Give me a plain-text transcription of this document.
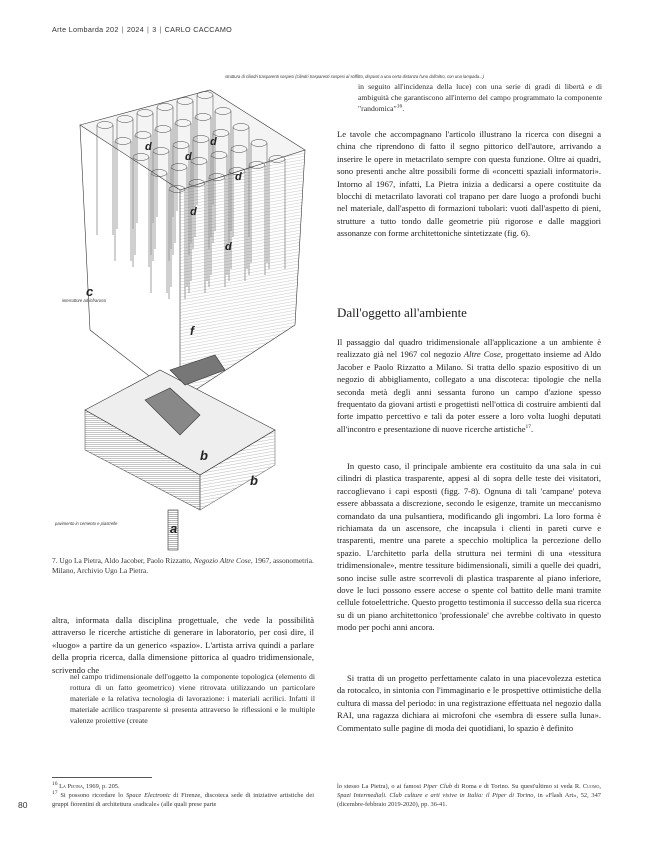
Arte Lombarda 202 | 2024 | 3 | CARLO CACCAMO
c
f
d
d
d
d
d
d
b
b
a
struttura di cilindri trasparenti sospesi (cilindri trasparenti sospesi al soffitto, disposti a una certa distanza l'uno dall'altro, con una lampada...)
interruttore ad infrarossi
pavimento in cemento e piastrelle
7. Ugo La Pietra, Aldo Jacober, Paolo Rizzatto, Negozio Altre Cose, 1967, assonometria. Milano, Archivio Ugo La Pietra.
altra, informata dalla disciplina progettuale, che vede la possibilità attraverso le ricerche artistiche di generare in laboratorio, per così dire, il «luogo» a partire da un generico «spazio». L'artista arriva quindi a parlare della propria ricerca, dalla dimensione pittorica al quadro tridimensionale, scrivendo che
nel campo tridimensionale dell'oggetto la componente topologica (elemento di rottura di un fatto geometrico) viene ritrovata utilizzando un particolare materiale e la relativa tecnologia di lavorazione: i materiali acrilici. Infatti il materiale acrilico trasparente si presenta attraverso le riflessioni e le multiple valenze proiettive (create
in seguito all'incidenza della luce) con una serie di gradi di libertà e di ambiguità che garantiscono all'interno del campo programmato la componente "randomica"$^{16}$.
Le tavole che accompagnano l'articolo illustrano la ricerca con disegni a china che riprendono di fatto il segno pittorico dell'autore, arrivando a inserire le opere in metacrilato sempre con questa funzione. Oltre ai quadri, sono presenti anche altre possibili forme di «concetti spaziali informatori». Intorno al 1967, infatti, La Pietra inizia a dedicarsi a opere costituite da blocchi di metacrilato lavorati col trapano per dare luogo a profondi buchi nel materiale, dall'aspetto di formazioni tubolari: vuoti dall'aspetto di pieni, strutture a tutto tondo dalle geometrie più rigorose e dalle maggiori assonanze con forme architettoniche sintetizzate (fig. 6).
Dall'oggetto all'ambiente
Il passaggio dal quadro tridimensionale all'applicazione a un ambiente è realizzato già nel 1967 col negozio Altre Cose, progettato insieme ad Aldo Jacober e Paolo Rizzatto a Milano. Si tratta dello spazio espositivo di un negozio di abbigliamento, collegato a una discoteca: tipologie che nella seconda metà degli anni sessanta furono un campo d'azione spesso frequentato da giovani artisti e progettisti nell'ottica di costruire ambienti dal forte impatto percettivo e tali da poter essere a loro volta luoghi deputati all'incontro e presentazione di nuove ricerche artistiche$^{17}$.
In questo caso, il principale ambiente era costituito da una sala in cui cilindri di plastica trasparente, appesi al di sopra delle teste dei visitatori, raccoglievano i capi esposti (figg. 7-8). Ognuna di tali 'campane' poteva essere abbassata a discrezione, secondo le esigenze, tramite un meccanismo comandato da una pulsantiera, modificando gli ingombri. La loro forma è richiamata da un ascensore, che incapsula i clienti in pareti curve e trasparenti, mentre una parete a specchio moltiplica la percezione dello spazio. L'architetto parla della struttura nei termini di una «tessitura tridimensionale», mentre tessiture bidimensionali, simili a quelle dei quadri, sono incise sulle astre scorrevoli di plastica trasparente al piano inferiore, dove le luci possono essere accese o spente col battito delle mani tramite cellule fotoelettriche. Questo progetto testimonia il successo della sua ricerca su di un piano architettonico 'professionale' che avrebbe coltivato in questo modo per pochi anni ancora.
Si tratta di un progetto perfettamente calato in una piacevolezza estetica da rotocalco, in sintonia con l'immaginario e le prospettive ottimistiche della cultura di massa del periodo: in una registrazione effettuata nel negozio dalla RAI, una ragazza dichiara ai microfoni che «sembra di essere sulla luna». Commentato sulle pagine di moda dei quotidiani, lo spazio è definito

$^{16}$ La Pietra, 1969, p. 205.

$^{17}$ Si possono ricordare lo Space Electronic di Firenze, discoteca sede di iniziative artistiche dei gruppi fiorentini di architettura «radicale» (alle quali prese parte

lo stesso La Pietra), o ai famosi Piper Club di Roma e di Torino. Su quest'ultimo si veda R. Cuomo, Spazi Intermediali. Club culture e arti visive in Italia: il Piper di Torino, in «Flash Art», 52, 347 (dicembre-febbraio 2019-2020), pp. 36-41.
80
